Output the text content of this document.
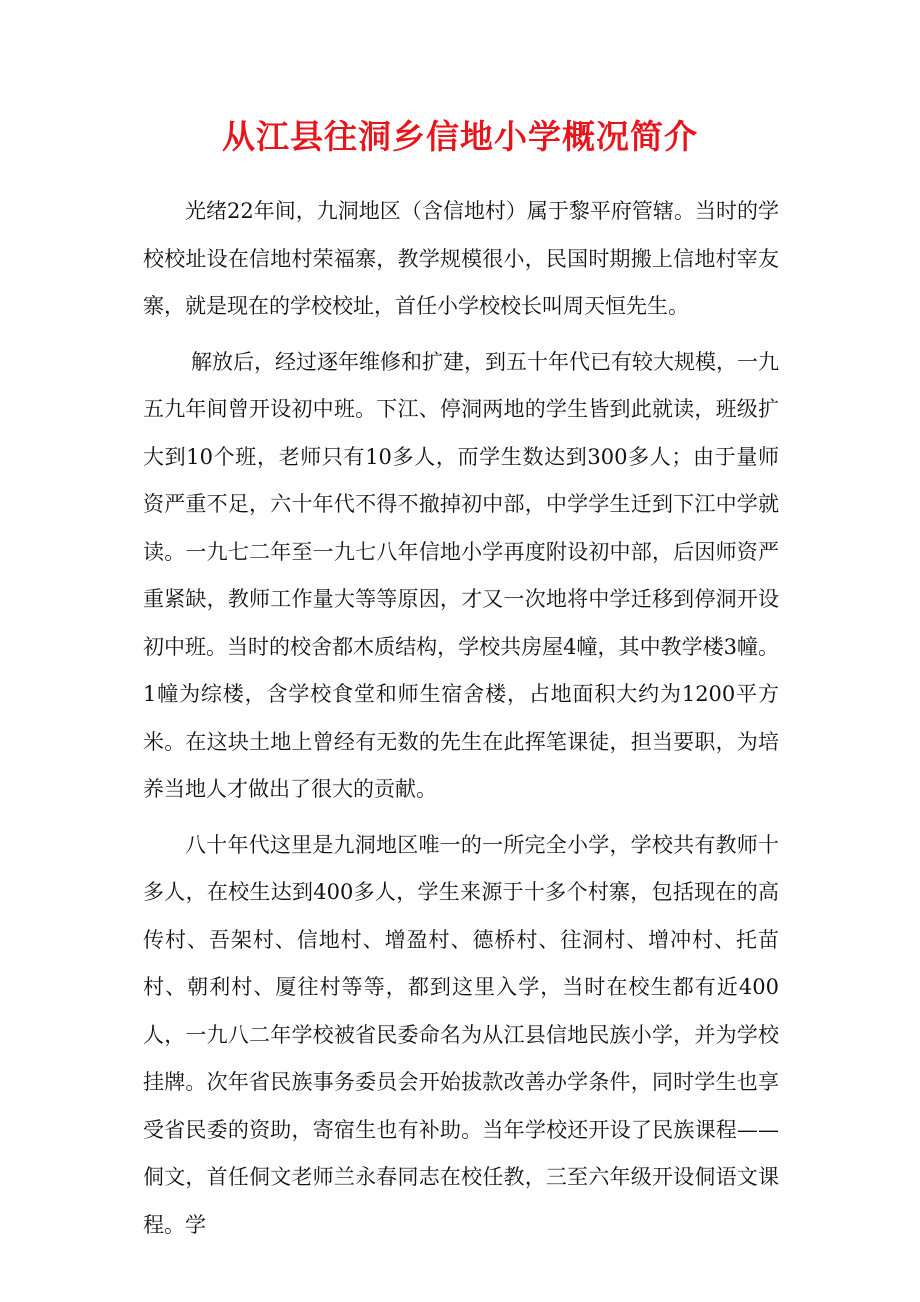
从江县往洞乡信地小学概况简介

光绪22年间，九洞地区（含信地村）属于黎平府管辖。当时的学校校址设在信地村荣福寨，教学规模很小，民国时期搬上信地村宰友寨，就是现在的学校校址，首任小学校校长叫周天恒先生。

解放后，经过逐年维修和扩建，到五十年代已有较大规模，一九五九年间曾开设初中班。下江、停洞两地的学生皆到此就读，班级扩大到10个班，老师只有10多人，而学生数达到300多人；由于量师资严重不足，六十年代不得不撤掉初中部，中学学生迁到下江中学就读。一九七二年至一九七八年信地小学再度附设初中部，后因师资严重紧缺，教师工作量大等等原因，才又一次地将中学迁移到停洞开设初中班。当时的校舍都木质结构，学校共房屋4幢，其中教学楼3幢。1幢为综楼，含学校食堂和师生宿舍楼，占地面积大约为1200平方米。在这块土地上曾经有无数的先生在此挥笔课徒，担当要职，为培养当地人才做出了很大的贡献。

八十年代这里是九洞地区唯一的一所完全小学，学校共有教师十多人，在校生达到400多人，学生来源于十多个村寨，包括现在的高传村、吾架村、信地村、增盈村、德桥村、往洞村、增冲村、托苗村、朝利村、厦往村等等，都到这里入学，当时在校生都有近400人，一九八二年学校被省民委命名为从江县信地民族小学，并为学校挂牌。次年省民族事务委员会开始拔款改善办学条件，同时学生也享受省民委的资助，寄宿生也有补助。当年学校还开设了民族课程——侗文，首任侗文老师兰永春同志在校任教，三至六年级开设侗语文课程。学
